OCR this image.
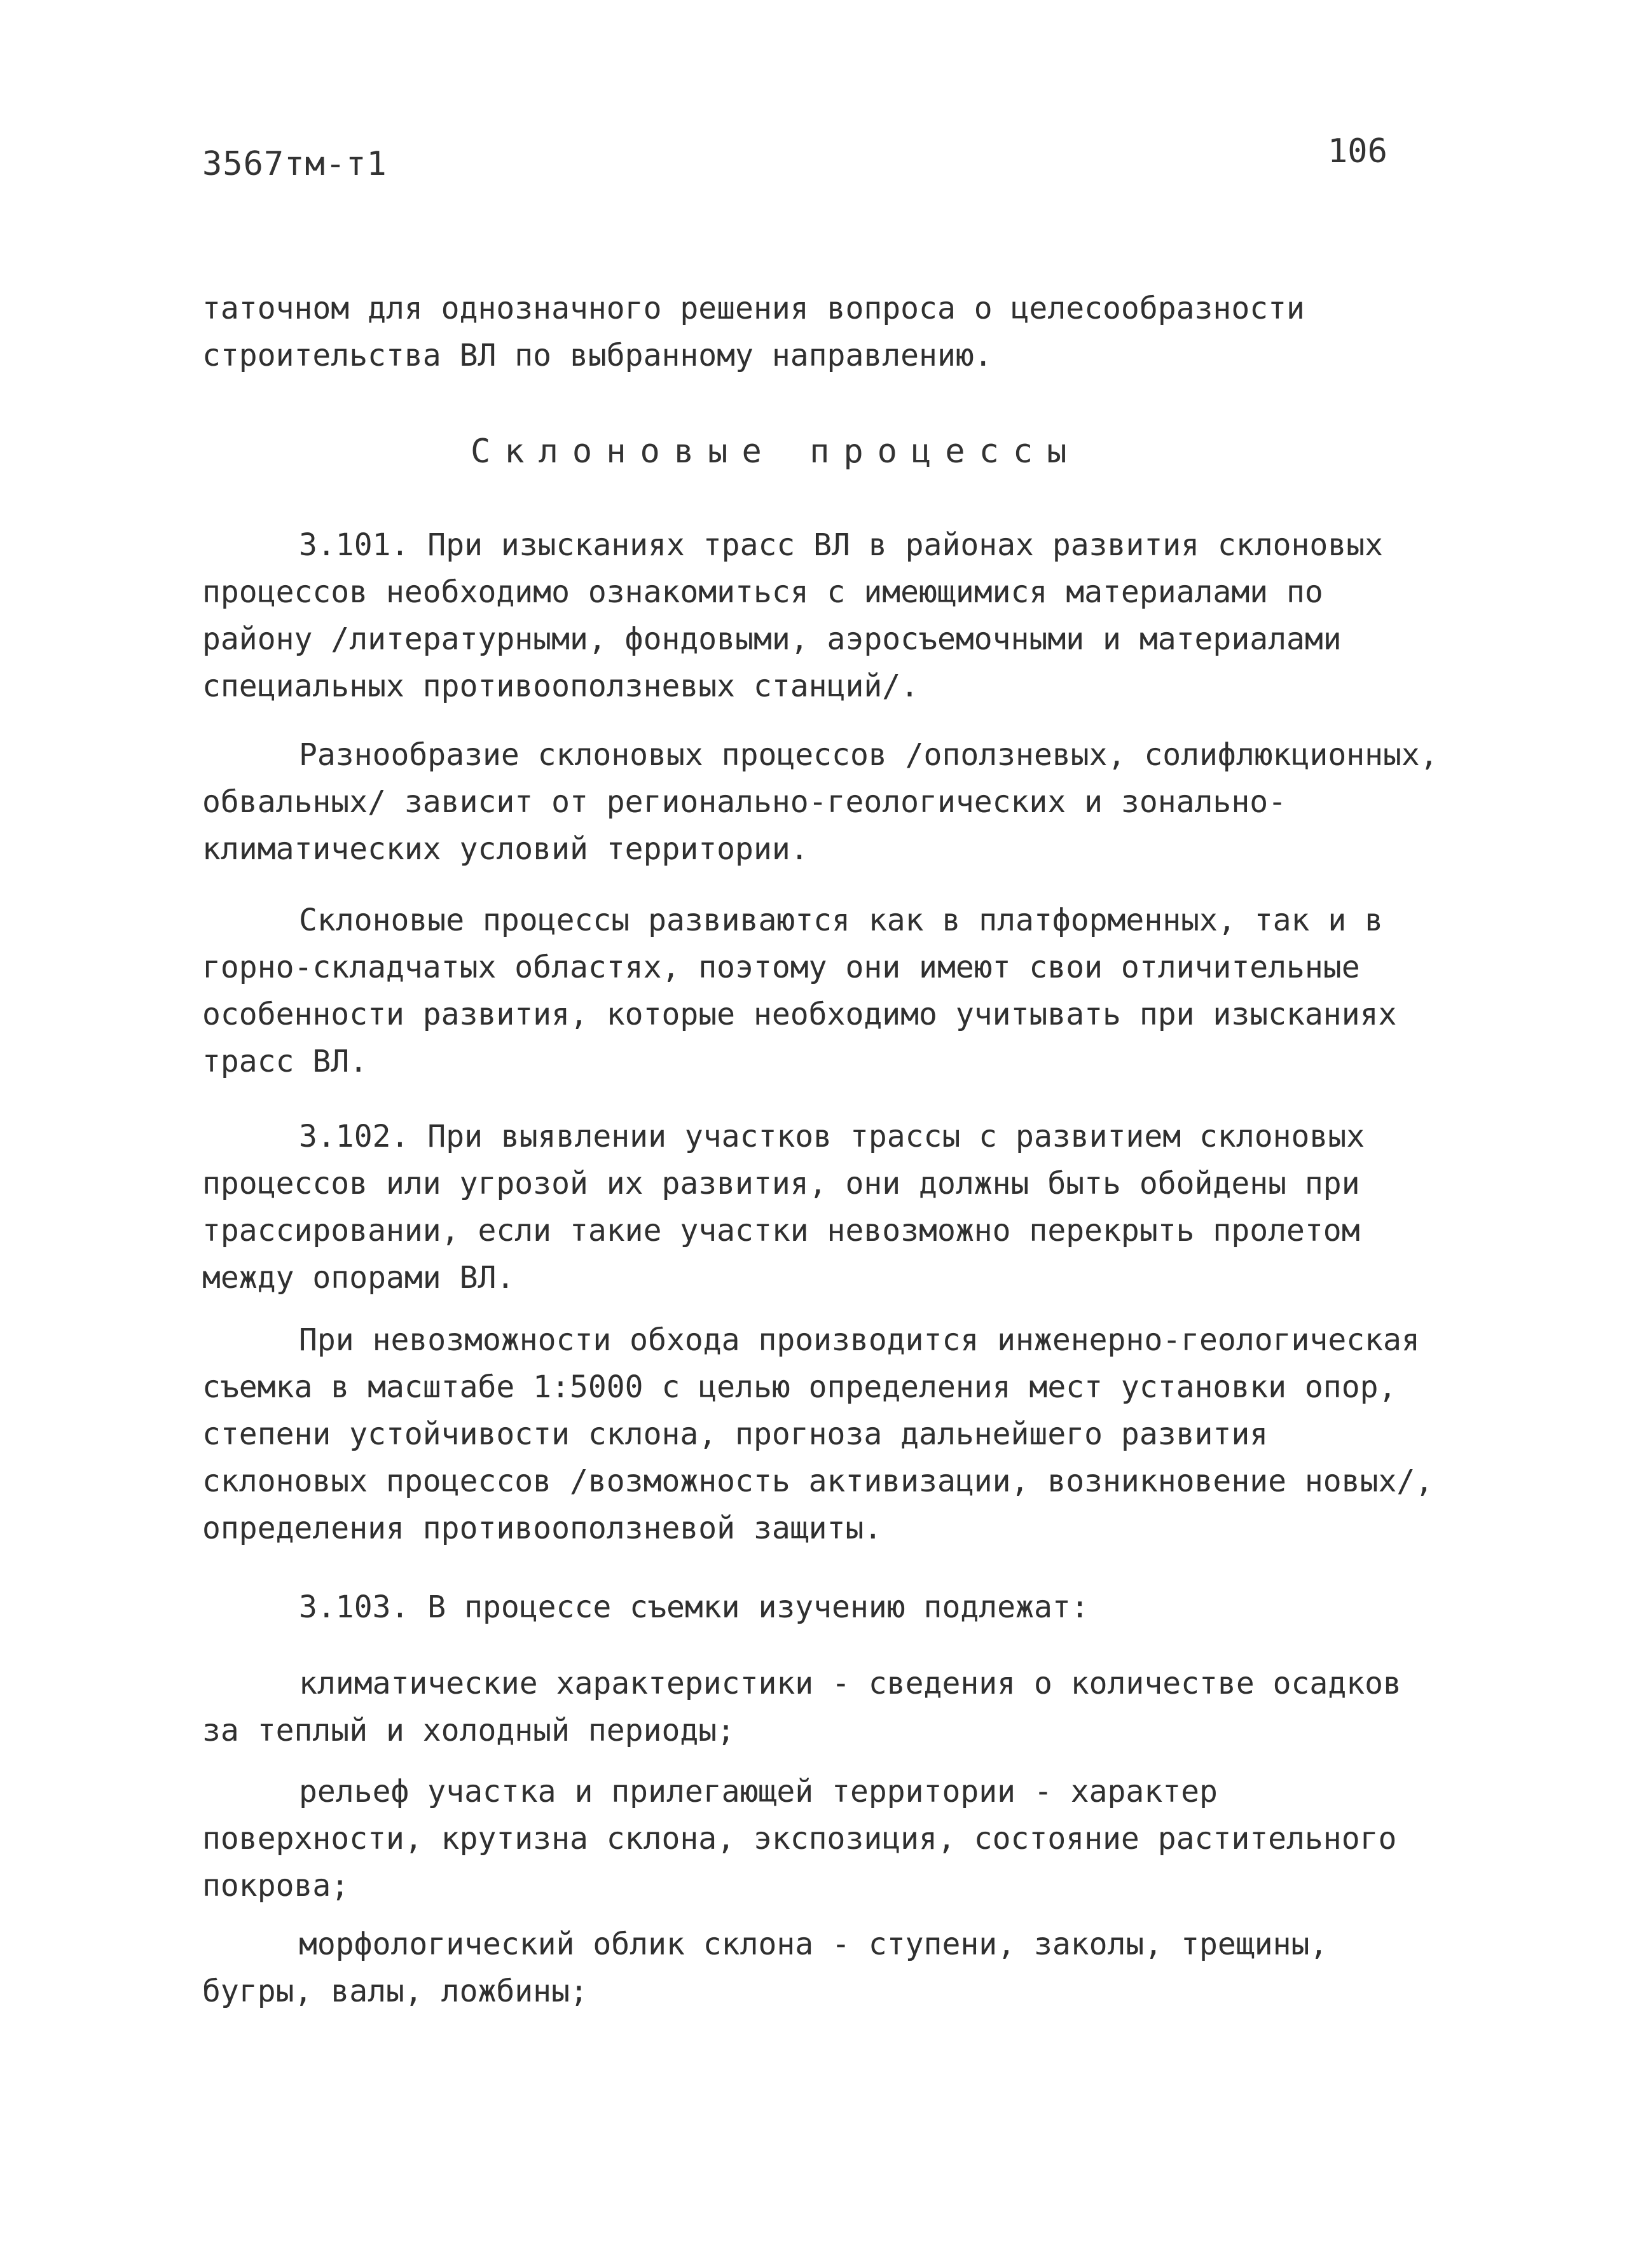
3567тм-т1	106
таточном для однозначного решения вопроса о целесообразности строительства ВЛ по выбранному направлению.
Склоновые процессы
3.101. При изысканиях трасс ВЛ в районах развития склоновых процессов необходимо ознакомиться с имеющимися материалами по району /литературными, фондовыми, аэросъемочными и материалами специальных противооползневых станций/.
Разнообразие склоновых процессов /оползневых, солифлюкционных, обвальных/ зависит от регионально-геологических и зонально-климатических условий территории.
Склоновые процессы развиваются как в платформенных, так и в горно-складчатых областях, поэтому они имеют свои отличительные особенности развития, которые необходимо учитывать при изысканиях трасс ВЛ.
3.102. При выявлении участков трассы с развитием склоновых процессов или угрозой их развития, они должны быть обойдены при трассировании, если такие участки невозможно перекрыть пролетом между опорами ВЛ.
При невозможности обхода производится инженерно-геологическая съемка в масштабе 1:5000 с целью определения мест установки опор, степени устойчивости склона, прогноза дальнейшего развития склоновых процессов /возможность активизации, возникновение новых/, определения противооползневой защиты.
3.103. В процессе съемки изучению подлежат:
климатические характеристики - сведения о количестве осадков за теплый и холодный периоды;
рельеф участка и прилегающей территории - характер поверхности, крутизна склона, экспозиция, состояние растительного покрова;
морфологический облик склона - ступени, заколы, трещины, бугры, валы, ложбины;
